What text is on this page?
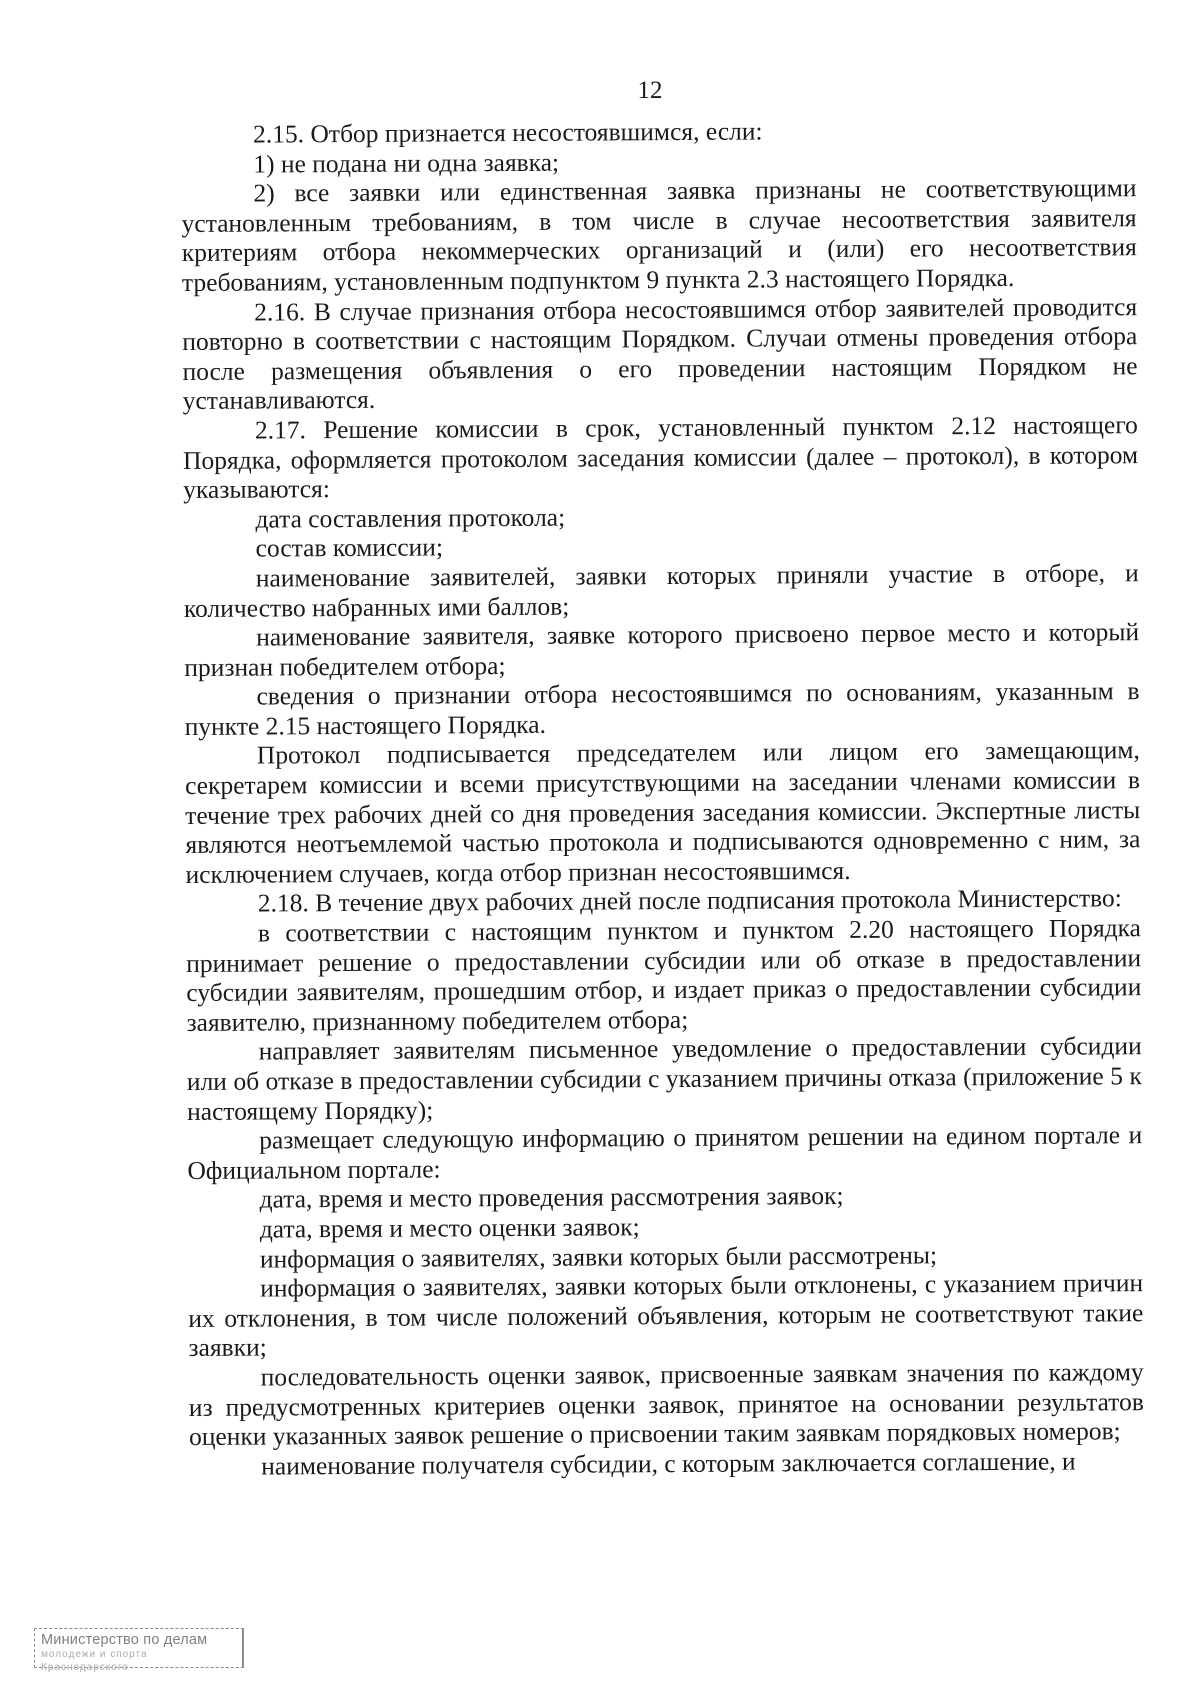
12

2.15. Отбор признается несостоявшимся, если:

1) не подана ни одна заявка;

2) все заявки или единственная заявка признаны не соответствующими установленным требованиям, в том числе в случае несоответствия заявителя критериям отбора некоммерческих организаций и (или) его несоответствия требованиям, установленным подпунктом 9 пункта 2.3 настоящего Порядка.

2.16. В случае признания отбора несостоявшимся отбор заявителей проводится повторно в соответствии с настоящим Порядком. Случаи отмены проведения отбора после размещения объявления о его проведении настоящим Порядком не устанавливаются.

2.17. Решение комиссии в срок, установленный пунктом 2.12 настоящего Порядка, оформляется протоколом заседания комиссии (далее – протокол), в котором указываются:

дата составления протокола;

состав комиссии;

наименование заявителей, заявки которых приняли участие в отборе, и количество набранных ими баллов;

наименование заявителя, заявке которого присвоено первое место и который признан победителем отбора;

сведения о признании отбора несостоявшимся по основаниям, указанным в пункте 2.15 настоящего Порядка.

Протокол подписывается председателем или лицом его замещающим, секретарем комиссии и всеми присутствующими на заседании членами комиссии в течение трех рабочих дней со дня проведения заседания комиссии. Экспертные листы являются неотъемлемой частью протокола и подписываются одновременно с ним, за исключением случаев, когда отбор признан несостоявшимся.

2.18. В течение двух рабочих дней после подписания протокола Министерство:

в соответствии с настоящим пунктом и пунктом 2.20 настоящего Порядка принимает решение о предоставлении субсидии или об отказе в предоставлении субсидии заявителям, прошедшим отбор, и издает приказ о предоставлении субсидии заявителю, признанному победителем отбора;

направляет заявителям письменное уведомление о предоставлении субсидии или об отказе в предоставлении субсидии с указанием причины отказа (приложение 5 к настоящему Порядку);

размещает следующую информацию о принятом решении на едином портале и Официальном портале:

дата, время и место проведения рассмотрения заявок;

дата, время и место оценки заявок;

информация о заявителях, заявки которых были рассмотрены;

информация о заявителях, заявки которых были отклонены, с указанием причин их отклонения, в том числе положений объявления, которым не соответствуют такие заявки;

последовательность оценки заявок, присвоенные заявкам значения по каждому из предусмотренных критериев оценки заявок, принятое на основании результатов оценки указанных заявок решение о присвоении таким заявкам порядковых номеров;

наименование получателя субсидии, с которым заключается соглашение, и

Министерство по делам
молодежи и спорта Краснодарского
